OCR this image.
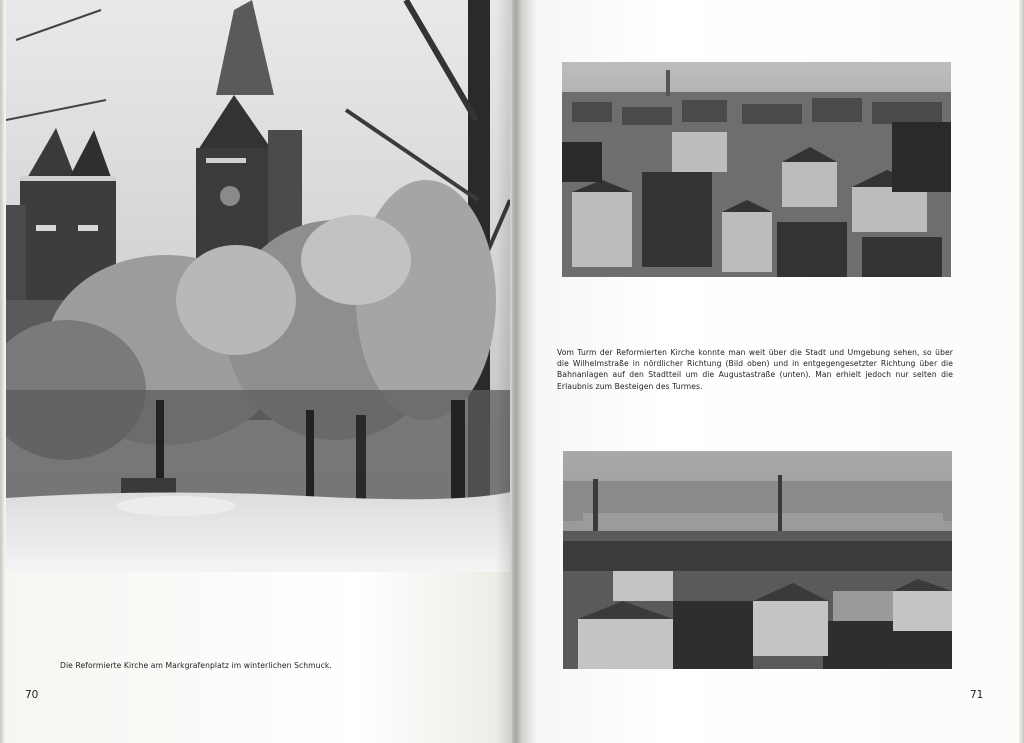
Die Reformierte Kirche am Markgrafenplatz im winterlichen Schmuck.
70
Vom Turm der Reformierten Kirche konnte man weit über die Stadt und Umgebung sehen, so über die Wilhelmstraße in nördlicher Richtung (Bild oben) und in entgegengesetzter Richtung über die Bahnanlagen auf den Stadtteil um die Augustastraße (unten). Man erhielt jedoch nur selten die Erlaubnis zum Besteigen des Turmes.
71
